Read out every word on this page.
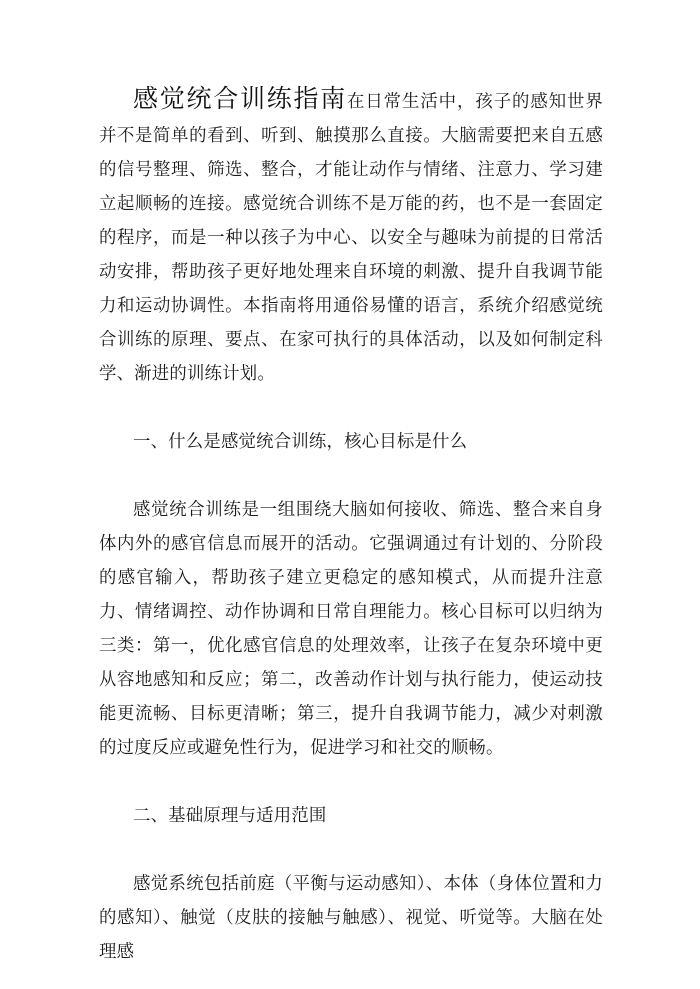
感觉统合训练指南在日常生活中，孩子的感知世界并不是简单的看到、听到、触摸那么直接。大脑需要把来自五感的信号整理、筛选、整合，才能让动作与情绪、注意力、学习建立起顺畅的连接。感觉统合训练不是万能的药，也不是一套固定的程序，而是一种以孩子为中心、以安全与趣味为前提的日常活动安排，帮助孩子更好地处理来自环境的刺激、提升自我调节能力和运动协调性。本指南将用通俗易懂的语言，系统介绍感觉统合训练的原理、要点、在家可执行的具体活动，以及如何制定科学、渐进的训练计划。

一、什么是感觉统合训练，核心目标是什么

感觉统合训练是一组围绕大脑如何接收、筛选、整合来自身体内外的感官信息而展开的活动。它强调通过有计划的、分阶段的感官输入，帮助孩子建立更稳定的感知模式，从而提升注意力、情绪调控、动作协调和日常自理能力。核心目标可以归纳为三类：第一，优化感官信息的处理效率，让孩子在复杂环境中更从容地感知和反应；第二，改善动作计划与执行能力，使运动技能更流畅、目标更清晰；第三，提升自我调节能力，减少对刺激的过度反应或避免性行为，促进学习和社交的顺畅。

二、基础原理与适用范围

感觉系统包括前庭（平衡与运动感知）、本体（身体位置和力的感知）、触觉（皮肤的接触与触感）、视觉、听觉等。大脑在处理感
